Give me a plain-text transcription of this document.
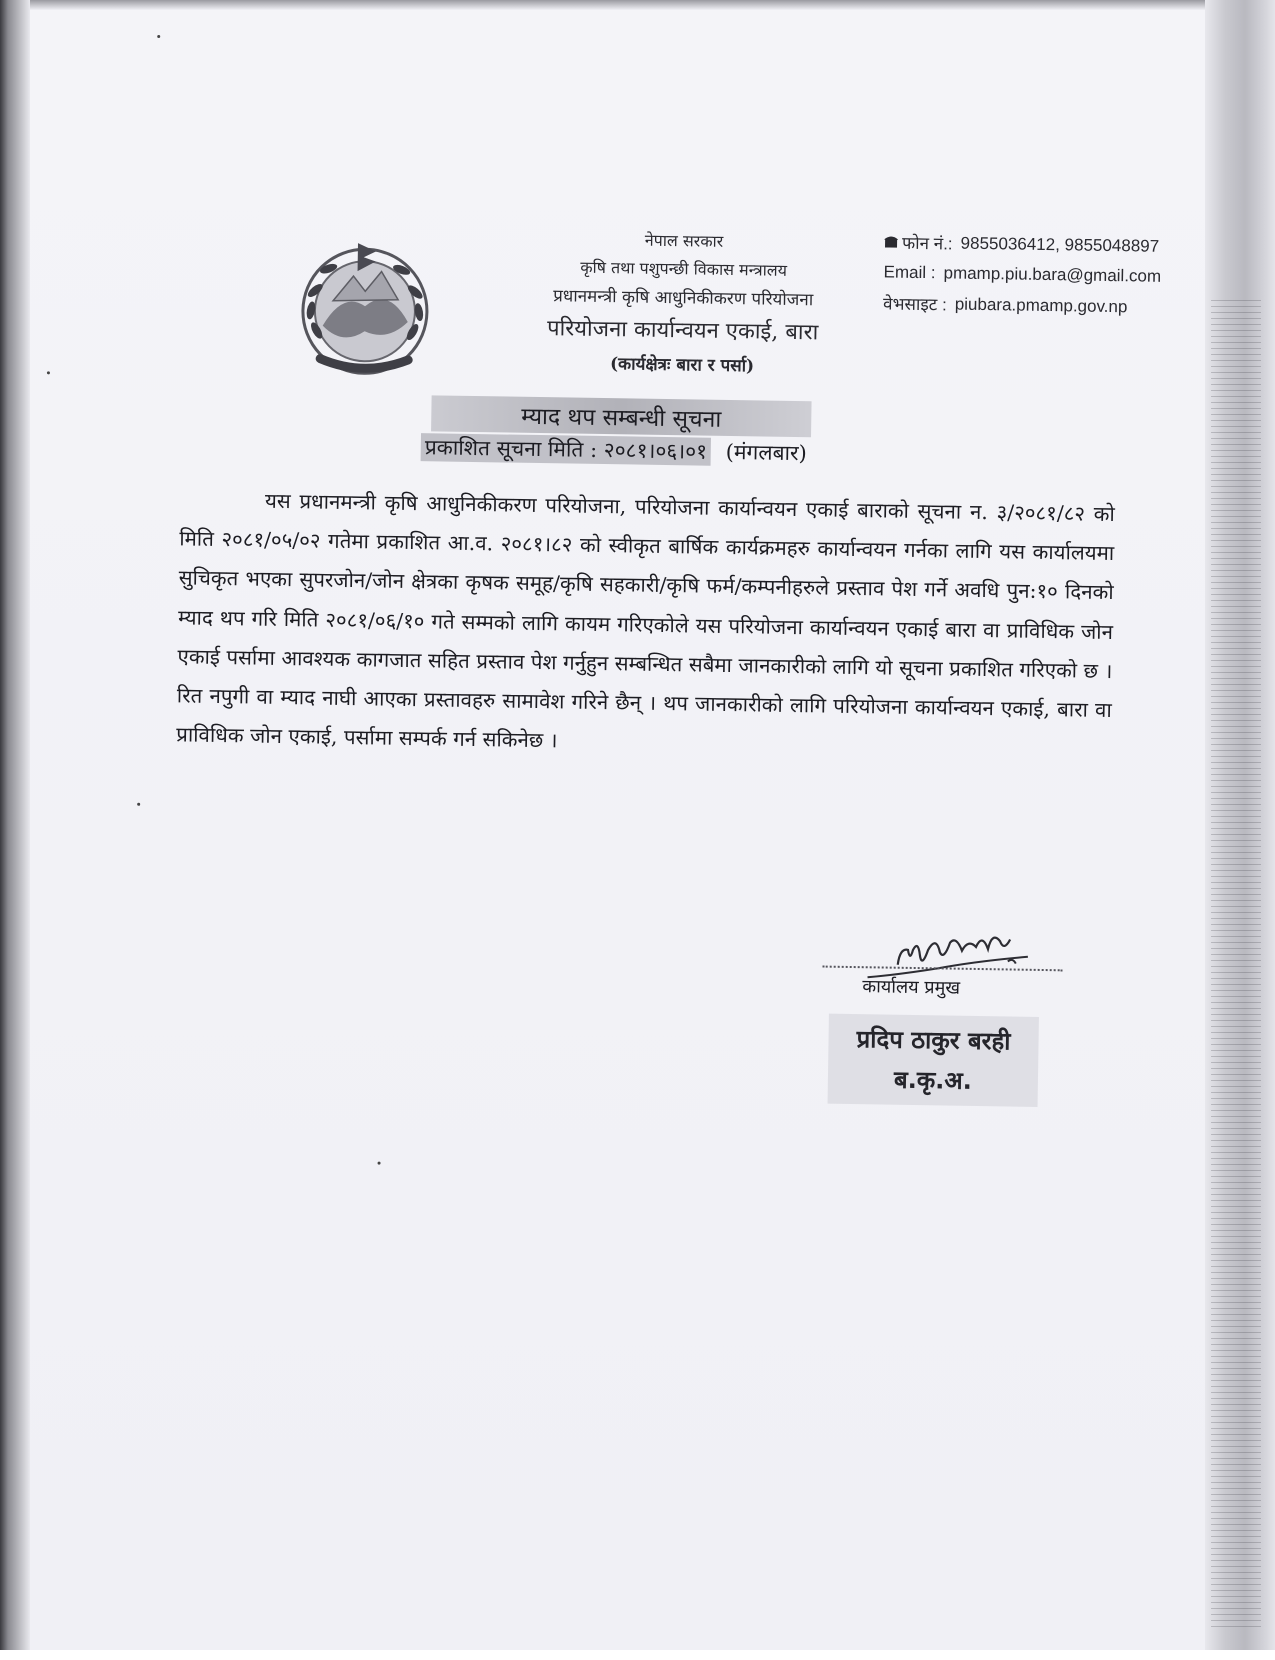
नेपाल सरकार
कृषि तथा पशुपन्छी विकास मन्त्रालय
प्रधानमन्त्री कृषि आधुनिकीकरण परियोजना
परियोजना कार्यान्वयन एकाई, बारा
(कार्यक्षेत्रः बारा र पर्सा)
फोन नं.: 9855036412, 9855048897
Email : pmamp.piu.bara@gmail.com
वेभसाइट : piubara.pmamp.gov.np
म्याद थप सम्बन्धी सूचना
प्रकाशित सूचना मिति : २०८१।०६।०१ (मंगलबार)
यस प्रधानमन्त्री कृषि आधुनिकीकरण परियोजना, परियोजना कार्यान्वयन एकाई बाराको सूचना न. ३/२०८१/८२ को मिति २०८१/०५/०२ गतेमा प्रकाशित आ.व. २०८१।८२ को स्वीकृत बार्षिक कार्यक्रमहरु कार्यान्वयन गर्नका लागि यस कार्यालयमा सुचिकृत भएका सुपरजोन/जोन क्षेत्रका कृषक समूह/कृषि सहकारी/कृषि फर्म/कम्पनीहरुले प्रस्ताव पेश गर्ने अवधि पुन:१० दिनको म्याद थप गरि मिति २०८१/०६/१० गते सम्मको लागि कायम गरिएकोले यस परियोजना कार्यान्वयन एकाई बारा वा प्राविधिक जोन एकाई पर्सामा आवश्यक कागजात सहित प्रस्ताव पेश गर्नुहुन सम्बन्धित सबैमा जानकारीको लागि यो सूचना प्रकाशित गरिएको छ । रित नपुगी वा म्याद नाघी आएका प्रस्तावहरु सामावेश गरिने छैन् । थप जानकारीको लागि परियोजना कार्यान्वयन एकाई, बारा वा प्राविधिक जोन एकाई, पर्सामा सम्पर्क गर्न सकिनेछ ।
कार्यालय प्रमुख
प्रदिप ठाकुर बरही
ब.कृ.अ.
